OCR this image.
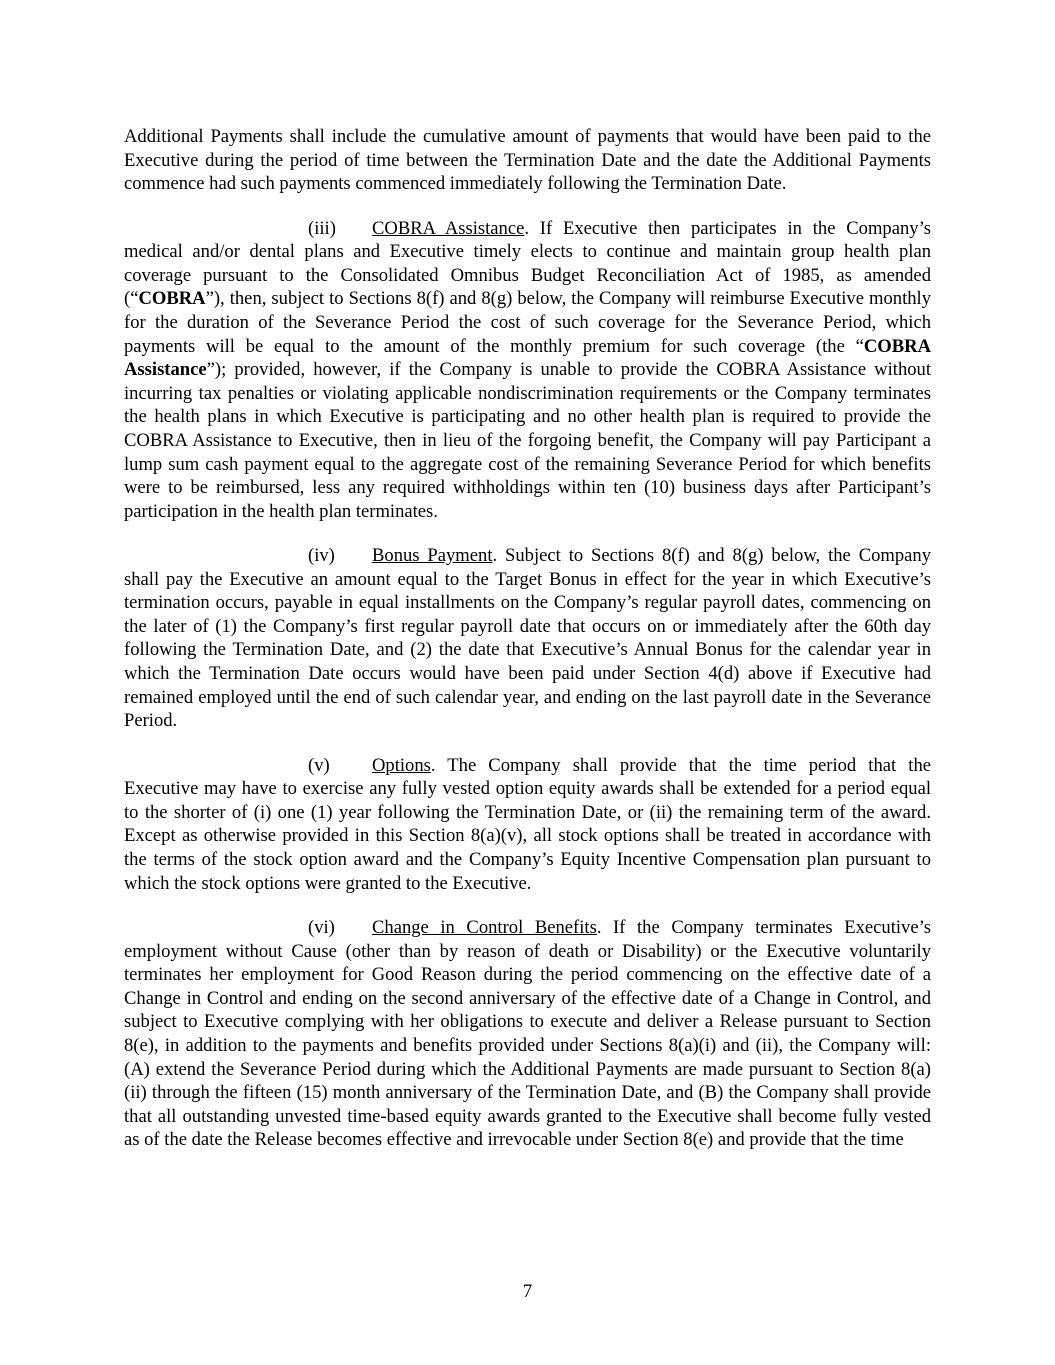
Additional Payments shall include the cumulative amount of payments that would have been paid to the Executive during the period of time between the Termination Date and the date the Additional Payments commence had such payments commenced immediately following the Termination Date.

(iii) COBRA Assistance. If Executive then participates in the Company’s medical and/or dental plans and Executive timely elects to continue and maintain group health plan coverage pursuant to the Consolidated Omnibus Budget Reconciliation Act of 1985, as amended (“COBRA”), then, subject to Sections 8(f) and 8(g) below, the Company will reimburse Executive monthly for the duration of the Severance Period the cost of such coverage for the Severance Period, which payments will be equal to the amount of the monthly premium for such coverage (the “COBRA Assistance”); provided, however, if the Company is unable to provide the COBRA Assistance without incurring tax penalties or violating applicable nondiscrimination requirements or the Company terminates the health plans in which Executive is participating and no other health plan is required to provide the COBRA Assistance to Executive, then in lieu of the forgoing benefit, the Company will pay Participant a lump sum cash payment equal to the aggregate cost of the remaining Severance Period for which benefits were to be reimbursed, less any required withholdings within ten (10) business days after Participant’s participation in the health plan terminates.

(iv) Bonus Payment. Subject to Sections 8(f) and 8(g) below, the Company shall pay the Executive an amount equal to the Target Bonus in effect for the year in which Executive’s termination occurs, payable in equal installments on the Company’s regular payroll dates, commencing on the later of (1) the Company’s first regular payroll date that occurs on or immediately after the 60th day following the Termination Date, and (2) the date that Executive’s Annual Bonus for the calendar year in which the Termination Date occurs would have been paid under Section 4(d) above if Executive had remained employed until the end of such calendar year, and ending on the last payroll date in the Severance Period.

(v) Options. The Company shall provide that the time period that the Executive may have to exercise any fully vested option equity awards shall be extended for a period equal to the shorter of (i) one (1) year following the Termination Date, or (ii) the remaining term of the award. Except as otherwise provided in this Section 8(a)(v), all stock options shall be treated in accordance with the terms of the stock option award and the Company’s Equity Incentive Compensation plan pursuant to which the stock options were granted to the Executive.

(vi) Change in Control Benefits. If the Company terminates Executive’s employment without Cause (other than by reason of death or Disability) or the Executive voluntarily terminates her employment for Good Reason during the period commencing on the effective date of a Change in Control and ending on the second anniversary of the effective date of a Change in Control, and subject to Executive complying with her obligations to execute and deliver a Release pursuant to Section 8(e), in addition to the payments and benefits provided under Sections 8(a)(i) and (ii), the Company will: (A) extend the Severance Period during which the Additional Payments are made pursuant to Section 8(a)(ii) through the fifteen (15) month anniversary of the Termination Date, and (B) the Company shall provide that all outstanding unvested time-based equity awards granted to the Executive shall become fully vested as of the date the Release becomes effective and irrevocable under Section 8(e) and provide that the time

7
